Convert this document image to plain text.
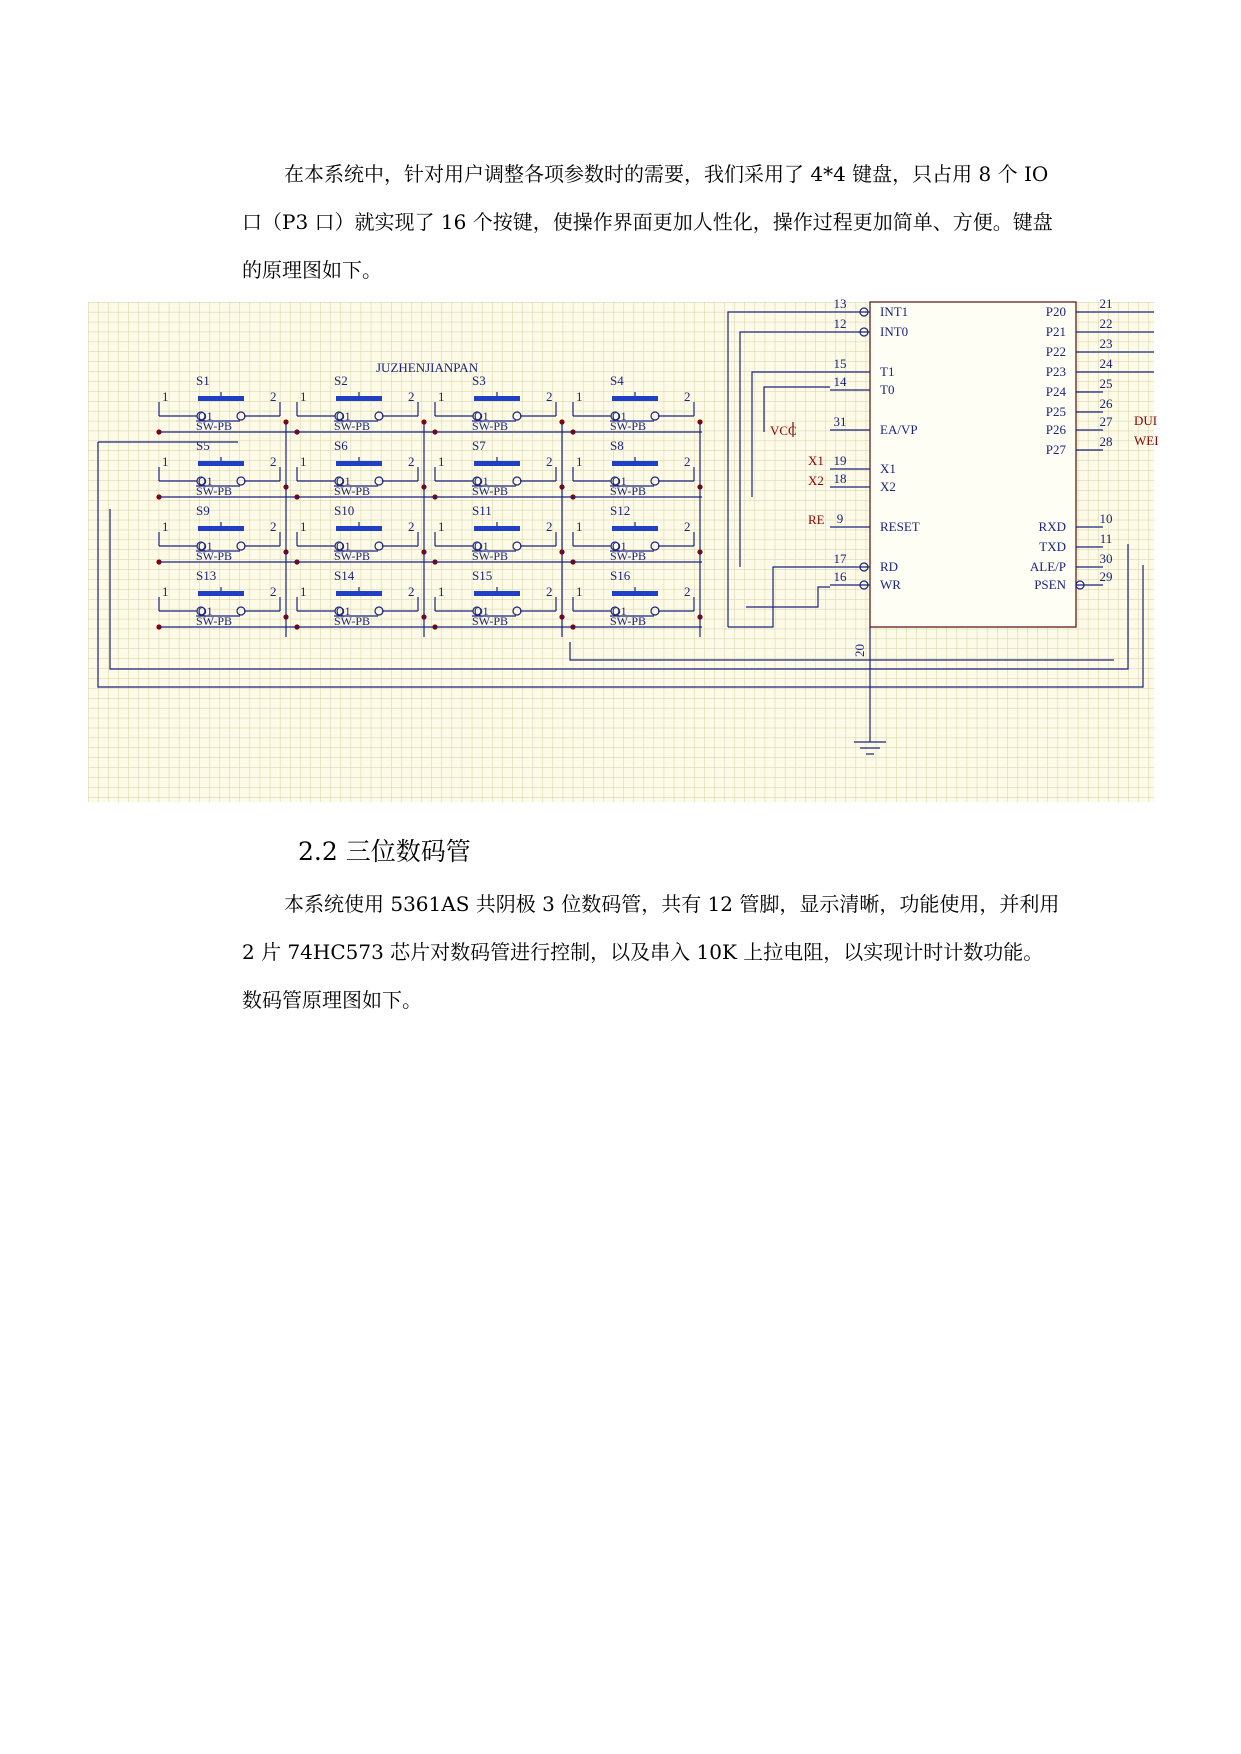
在本系统中，针对用户调整各项参数时的需要，我们采用了 4*4 键盘，只占用 8 个 IO 口（P3 口）就实现了 16 个按键，使操作界面更加人性化，操作过程更加简单、方便。键盘的原理图如下。

JUZHENJIANPAN
S1
1	2
Q1
SW-PB
S2
1	2
Q1
SW-PB
S3
1	2
Q1
SW-PB
S4
1	2
Q1
SW-PB
S5
1	2
Q1
SW-PB
S6
1	2
Q1
SW-PB
S7
1	2
Q1
SW-PB
S8
1	2
Q1
SW-PB
S9
1	2
Q1
SW-PB
S10
1	2
Q1
SW-PB
S11
1	2
Q1
SW-PB
S12
1	2
Q1
SW-PB
S13
1	2
Q1
SW-PB
S14
1	2
Q1
SW-PB
S15
1	2
Q1
SW-PB
S16
1	2
Q1
SW-PB
13
INT1
12
INT0
15
T1
14
T0
31
EA/VP
19
X1
18
X2
9
RESET
17
RD
16
WR
21
P20
22
P21
23
P22
24
P23
25
P24
26
P25
27
P26
28
P27
10
RXD
11
TXD
30
ALE/P
29
PSEN
VCC
X1
X2
RE
DUI
WEI
20
2.2 三位数码管

本系统使用 5361AS 共阴极 3 位数码管，共有 12 管脚，显示清晰，功能使用，并利用 2 片 74HC573 芯片对数码管进行控制，以及串入 10K 上拉电阻，以实现计时计数功能。数码管原理图如下。
